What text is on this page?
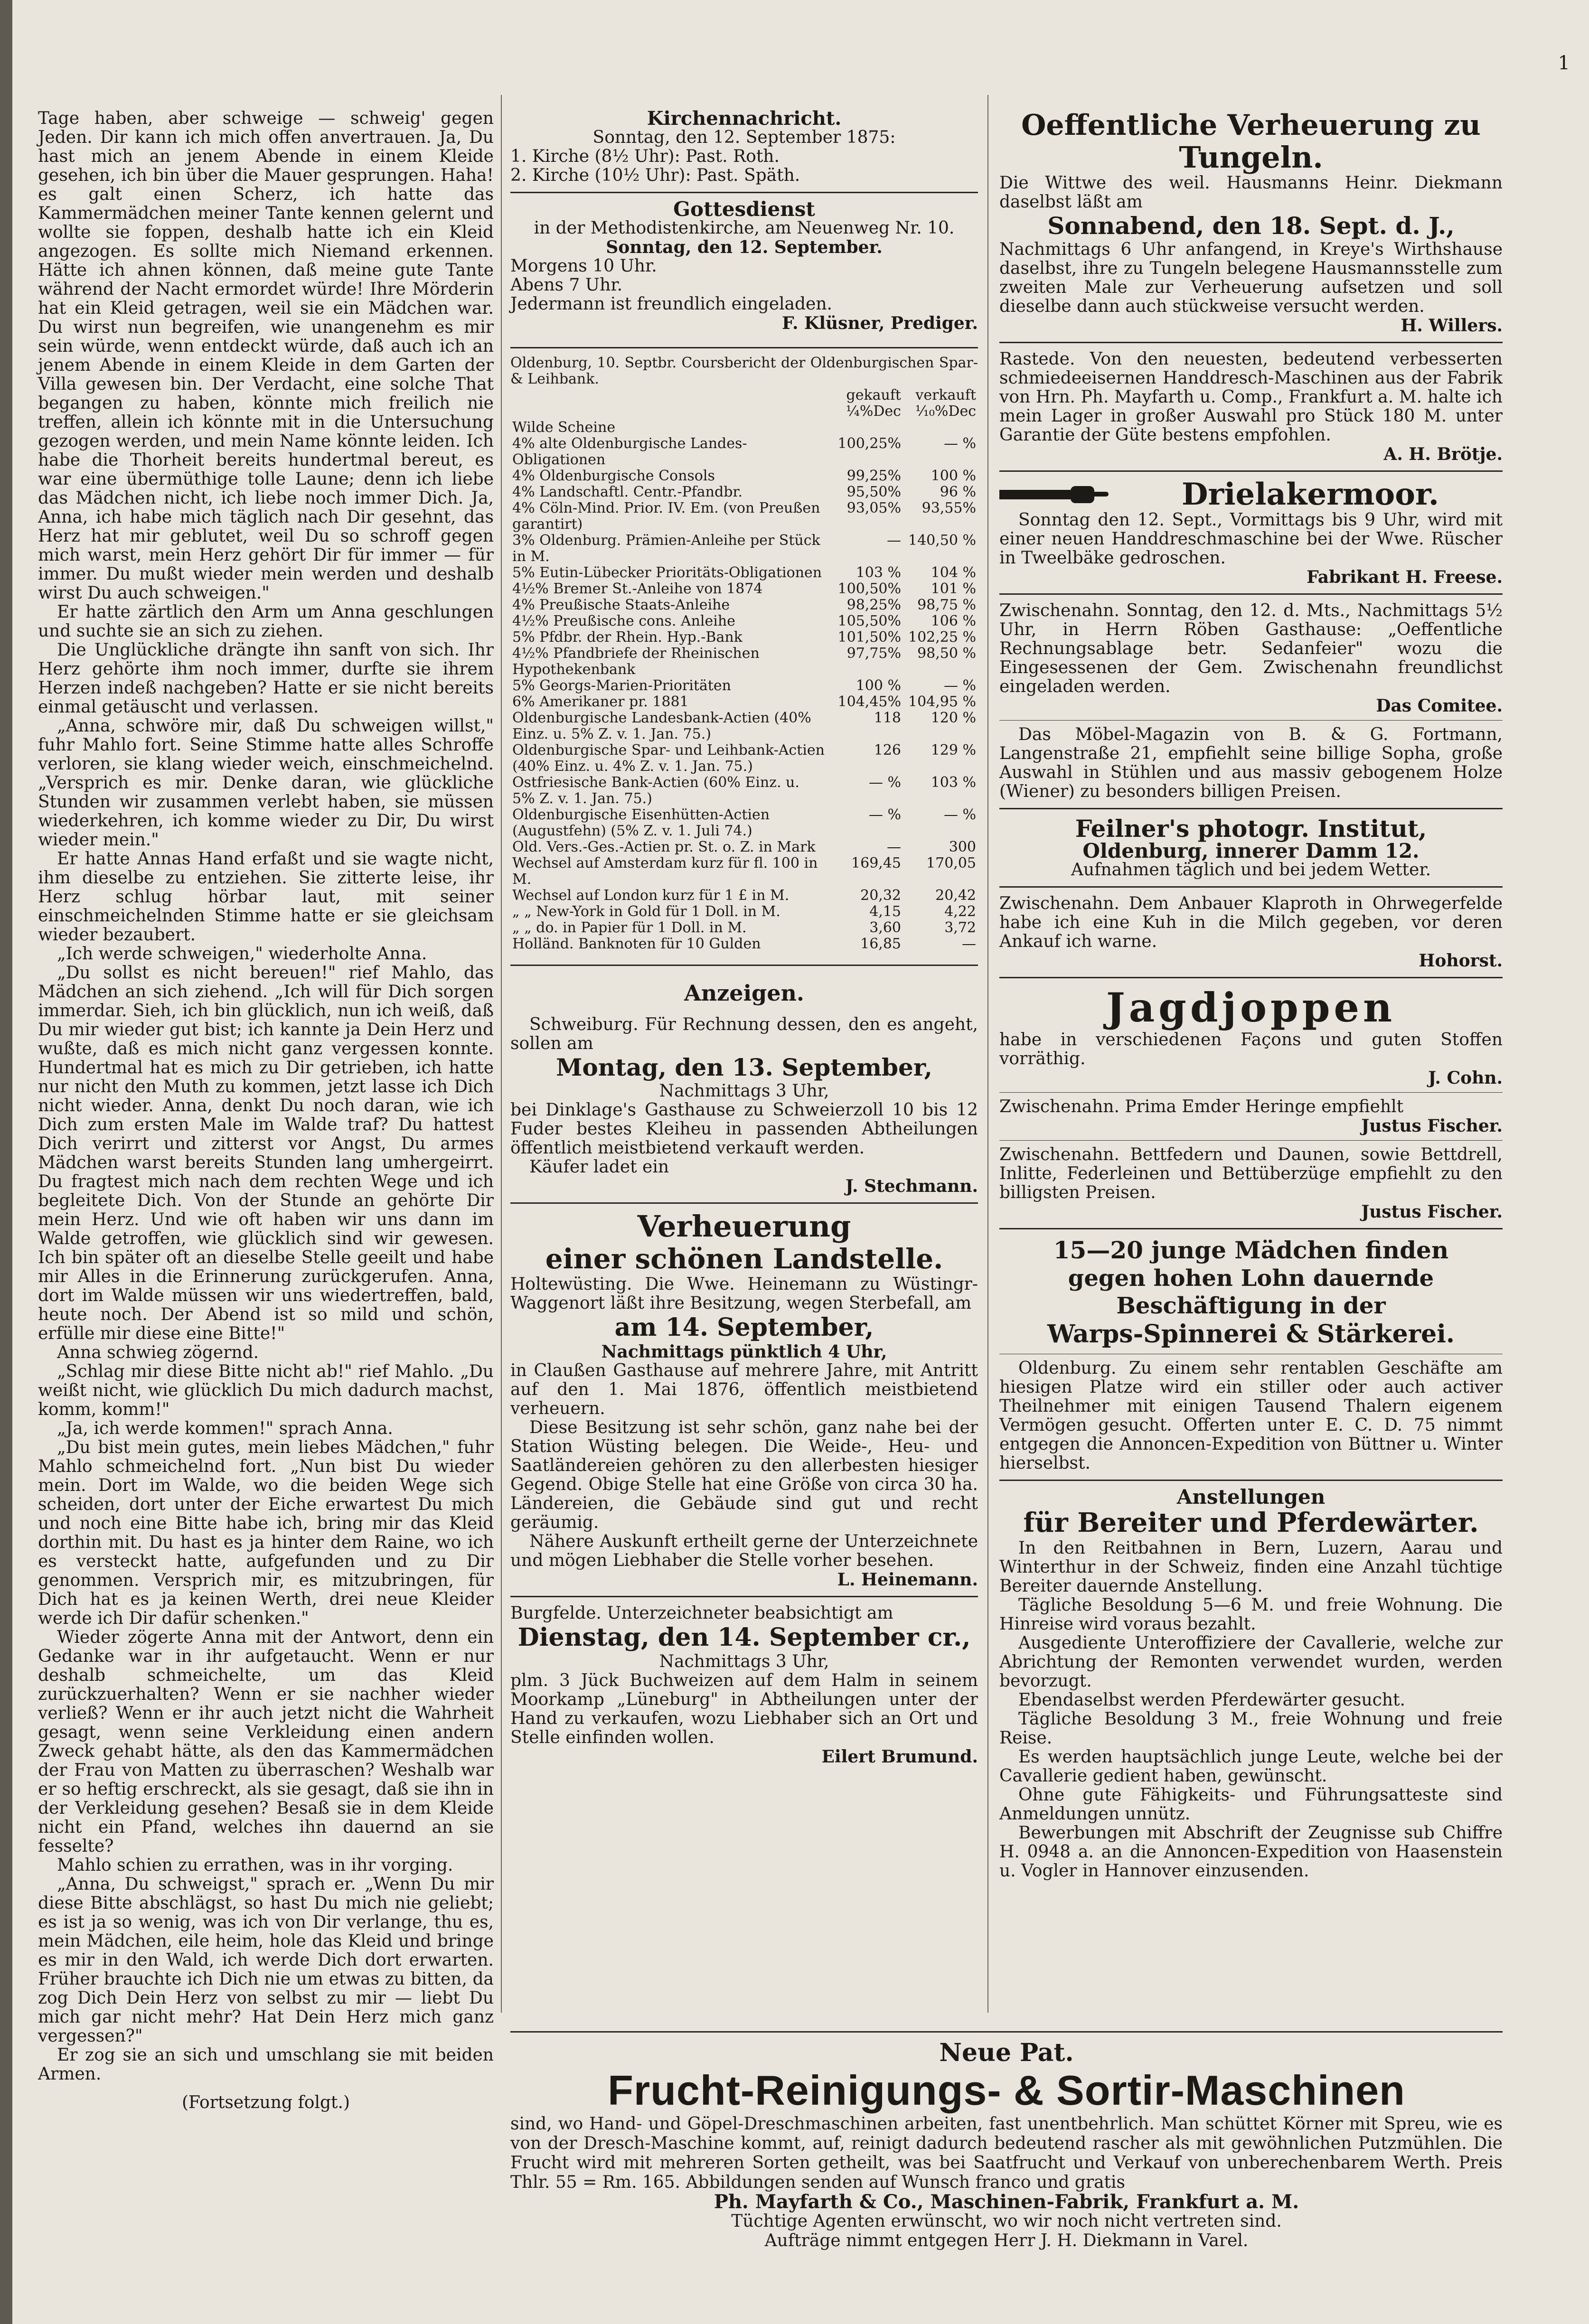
1

Tage haben, aber schweige — schweig' gegen Jeden. Dir kann ich mich offen anvertrauen. Ja, Du hast mich an jenem Abende in einem Kleide gesehen, ich bin über die Mauer gesprungen. Haha! es galt einen Scherz, ich hatte das Kammermädchen meiner Tante kennen gelernt und wollte sie foppen, deshalb hatte ich ein Kleid angezogen. Es sollte mich Niemand erkennen. Hätte ich ahnen können, daß meine gute Tante während der Nacht ermordet würde! Ihre Mörderin hat ein Kleid getragen, weil sie ein Mädchen war. Du wirst nun begreifen, wie unangenehm es mir sein würde, wenn entdeckt würde, daß auch ich an jenem Abende in einem Kleide in dem Garten der Villa gewesen bin. Der Verdacht, eine solche That begangen zu haben, könnte mich freilich nie treffen, allein ich könnte mit in die Untersuchung gezogen werden, und mein Name könnte leiden. Ich habe die Thorheit bereits hundertmal bereut, es war eine übermüthige tolle Laune; denn ich liebe das Mädchen nicht, ich liebe noch immer Dich. Ja, Anna, ich habe mich täglich nach Dir gesehnt, das Herz hat mir geblutet, weil Du so schroff gegen mich warst, mein Herz gehört Dir für immer — für immer. Du mußt wieder mein werden und deshalb wirst Du auch schweigen."

Er hatte zärtlich den Arm um Anna geschlungen und suchte sie an sich zu ziehen.

Die Unglückliche drängte ihn sanft von sich. Ihr Herz gehörte ihm noch immer, durfte sie ihrem Herzen indeß nachgeben? Hatte er sie nicht bereits einmal getäuscht und verlassen.

„Anna, schwöre mir, daß Du schweigen willst," fuhr Mahlo fort. Seine Stimme hatte alles Schroffe verloren, sie klang wieder weich, einschmeichelnd. „Versprich es mir. Denke daran, wie glückliche Stunden wir zusammen verlebt haben, sie müssen wiederkehren, ich komme wieder zu Dir, Du wirst wieder mein."

Er hatte Annas Hand erfaßt und sie wagte nicht, ihm dieselbe zu entziehen. Sie zitterte leise, ihr Herz schlug hörbar laut, mit seiner einschmeichelnden Stimme hatte er sie gleichsam wieder bezaubert.

„Ich werde schweigen," wiederholte Anna.

„Du sollst es nicht bereuen!" rief Mahlo, das Mädchen an sich ziehend. „Ich will für Dich sorgen immerdar. Sieh, ich bin glücklich, nun ich weiß, daß Du mir wieder gut bist; ich kannte ja Dein Herz und wußte, daß es mich nicht ganz vergessen konnte. Hundertmal hat es mich zu Dir getrieben, ich hatte nur nicht den Muth zu kommen, jetzt lasse ich Dich nicht wieder. Anna, denkt Du noch daran, wie ich Dich zum ersten Male im Walde traf? Du hattest Dich verirrt und zitterst vor Angst, Du armes Mädchen warst bereits Stunden lang umhergeirrt. Du fragtest mich nach dem rechten Wege und ich begleitete Dich. Von der Stunde an gehörte Dir mein Herz. Und wie oft haben wir uns dann im Walde getroffen, wie glücklich sind wir gewesen. Ich bin später oft an dieselbe Stelle geeilt und habe mir Alles in die Erinnerung zurückgerufen. Anna, dort im Walde müssen wir uns wiedertreffen, bald, heute noch. Der Abend ist so mild und schön, erfülle mir diese eine Bitte!"

Anna schwieg zögernd.

„Schlag mir diese Bitte nicht ab!" rief Mahlo. „Du weißt nicht, wie glücklich Du mich dadurch machst, komm, komm!"

„Ja, ich werde kommen!" sprach Anna.

„Du bist mein gutes, mein liebes Mädchen," fuhr Mahlo schmeichelnd fort. „Nun bist Du wieder mein. Dort im Walde, wo die beiden Wege sich scheiden, dort unter der Eiche erwartest Du mich und noch eine Bitte habe ich, bring mir das Kleid dorthin mit. Du hast es ja hinter dem Raine, wo ich es versteckt hatte, aufgefunden und zu Dir genommen. Versprich mir, es mitzubringen, für Dich hat es ja keinen Werth, drei neue Kleider werde ich Dir dafür schenken."

Wieder zögerte Anna mit der Antwort, denn ein Gedanke war in ihr aufgetaucht. Wenn er nur deshalb schmeichelte, um das Kleid zurückzuerhalten? Wenn er sie nachher wieder verließ? Wenn er ihr auch jetzt nicht die Wahrheit gesagt, wenn seine Verkleidung einen andern Zweck gehabt hätte, als den das Kammermädchen der Frau von Matten zu überraschen? Weshalb war er so heftig erschreckt, als sie gesagt, daß sie ihn in der Verkleidung gesehen? Besaß sie in dem Kleide nicht ein Pfand, welches ihn dauernd an sie fesselte?

Mahlo schien zu errathen, was in ihr vorging.

„Anna, Du schweigst," sprach er. „Wenn Du mir diese Bitte abschlägst, so hast Du mich nie geliebt; es ist ja so wenig, was ich von Dir verlange, thu es, mein Mädchen, eile heim, hole das Kleid und bringe es mir in den Wald, ich werde Dich dort erwarten. Früher brauchte ich Dich nie um etwas zu bitten, da zog Dich Dein Herz von selbst zu mir — liebt Du mich gar nicht mehr? Hat Dein Herz mich ganz vergessen?"

Er zog sie an sich und umschlang sie mit beiden Armen.

(Fortsetzung folgt.)

Kirchennachricht.

Sonntag, den 12. September 1875:

1. Kirche (8½ Uhr): Past. Roth.

2. Kirche (10½ Uhr): Past. Späth.

Gottesdienst

in der Methodistenkirche, am Neuenweg Nr. 10.

Sonntag, den 12. September.

Morgens 10 Uhr.

Abens 7 Uhr.

Jedermann ist freundlich eingeladen.

F. Klüsner, Prediger.

Oldenburg, 10. Septbr. Coursbericht der Oldenburgischen Spar- & Leihbank.

	gekauft	verkauft
	¼%Dec	¹⁄₁₀%Dec
Wilde Scheine		
4% alte Oldenburgische Landes-Obligationen	100,25%	— %
4% Oldenburgische Consols	99,25%	100 %
4% Landschaftl. Centr.-Pfandbr.	95,50%	96 %
4% Cöln-Mind. Prior. IV. Em. (von Preußen garantirt)	93,05%	93,55%
3% Oldenburg. Prämien-Anleihe per Stück in M.	—	140,50 %
5% Eutin-Lübecker Prioritäts-Obligationen	103 %	104 %
4½% Bremer St.-Anleihe von 1874	100,50%	101 %
4% Preußische Staats-Anleihe	98,25%	98,75 %
4½% Preußische cons. Anleihe	105,50%	106 %
5% Pfdbr. der Rhein. Hyp.-Bank	101,50%	102,25 %
4½% Pfandbriefe der Rheinischen Hypothekenbank	97,75%	98,50 %
5% Georgs-Marien-Prioritäten	100 %	— %
6% Amerikaner pr. 1881	104,45%	104,95 %
Oldenburgische Landesbank-Actien (40% Einz. u. 5% Z. v. 1. Jan. 75.)	118	120 %
Oldenburgische Spar- und Leihbank-Actien (40% Einz. u. 4% Z. v. 1. Jan. 75.)	126	129 %
Ostfriesische Bank-Actien (60% Einz. u. 5% Z. v. 1. Jan. 75.)	— %	103 %
Oldenburgische Eisenhütten-Actien (Augustfehn) (5% Z. v. 1. Juli 74.)	— %	— %
Old. Vers.-Ges.-Actien pr. St. o. Z. in Mark	—	300
Wechsel auf Amsterdam kurz für fl. 100 in M.	169,45	170,05
Wechsel auf London kurz für 1 £ in M.	20,32	20,42
„ „ New-York in Gold für 1 Doll. in M.	4,15	4,22
„ „ do. in Papier für 1 Doll. in M.	3,60	3,72
Holländ. Banknoten für 10 Gulden	16,85	—

Anzeigen.

Schweiburg. Für Rechnung dessen, den es angeht, sollen am

Montag, den 13. September,

Nachmittags 3 Uhr,

bei Dinklage's Gasthause zu Schweierzoll 10 bis 12 Fuder bestes Kleiheu in passenden Abtheilungen öffentlich meistbietend verkauft werden.

Käufer ladet ein

J. Stechmann.

Verheuerung

einer schönen Landstelle.

Holtewüsting. Die Wwe. Heinemann zu Wüstingr-Waggenort läßt ihre Besitzung, wegen Sterbefall, am

am 14. September,

Nachmittags pünktlich 4 Uhr,

in Claußen Gasthause auf mehrere Jahre, mit Antritt auf den 1. Mai 1876, öffentlich meistbietend verheuern.

Diese Besitzung ist sehr schön, ganz nahe bei der Station Wüsting belegen. Die Weide-, Heu- und Saatländereien gehören zu den allerbesten hiesiger Gegend. Obige Stelle hat eine Größe von circa 30 ha. Ländereien, die Gebäude sind gut und recht geräumig.

Nähere Auskunft ertheilt gerne der Unterzeichnete und mögen Liebhaber die Stelle vorher besehen.

L. Heinemann.

Burgfelde. Unterzeichneter beabsichtigt am

Dienstag, den 14. September cr.,

Nachmittags 3 Uhr,

plm. 3 Jück Buchweizen auf dem Halm in seinem Moorkamp „Lüneburg" in Abtheilungen unter der Hand zu verkaufen, wozu Liebhaber sich an Ort und Stelle einfinden wollen.

Eilert Brumund.

Oeffentliche Verheuerung zu

Tungeln.

Die Wittwe des weil. Hausmanns Heinr. Diekmann daselbst läßt am

Sonnabend, den 18. Sept. d. J.,

Nachmittags 6 Uhr anfangend, in Kreye's Wirthshause daselbst, ihre zu Tungeln belegene Hausmannsstelle zum zweiten Male zur Verheuerung aufsetzen und soll dieselbe dann auch stückweise versucht werden.

H. Willers.

Rastede. Von den neuesten, bedeutend verbesserten schmiedeeisernen Handdresch-Maschinen aus der Fabrik von Hrn. Ph. Mayfarth u. Comp., Frankfurt a. M. halte ich mein Lager in großer Auswahl pro Stück 180 M. unter Garantie der Güte bestens empfohlen.

A. H. Brötje.

Drielakermoor.

Sonntag den 12. Sept., Vormittags bis 9 Uhr, wird mit einer neuen Handdreschmaschine bei der Wwe. Rüscher in Tweelbäke gedroschen.

Fabrikant H. Freese.

Zwischenahn. Sonntag, den 12. d. Mts., Nachmittags 5½ Uhr, in Herrn Röben Gasthause: „Oeffentliche Rechnungsablage betr. Sedanfeier" wozu die Eingesessenen der Gem. Zwischenahn freundlichst eingeladen werden.

Das Comitee.

Das Möbel-Magazin von B. & G. Fortmann, Langenstraße 21, empfiehlt seine billige Sopha, große Auswahl in Stühlen und aus massiv gebogenem Holze (Wiener) zu besonders billigen Preisen.

Feilner's photogr. Institut,

Oldenburg, innerer Damm 12.

Aufnahmen täglich und bei jedem Wetter.

Zwischenahn. Dem Anbauer Klaproth in Ohrwegerfelde habe ich eine Kuh in die Milch gegeben, vor deren Ankauf ich warne.

Hohorst.

Jagdjoppen

habe in verschiedenen Façons und guten Stoffen vorräthig.

J. Cohn.

Zwischenahn. Prima Emder Heringe empfiehlt

Justus Fischer.

Zwischenahn. Bettfedern und Daunen, sowie Bettdrell, Inlitte, Federleinen und Bettüberzüge empfiehlt zu den billigsten Preisen.

Justus Fischer.

15—20 junge Mädchen finden

gegen hohen Lohn dauernde Beschäftigung in der

Warps-Spinnerei & Stärkerei.

Oldenburg. Zu einem sehr rentablen Geschäfte am hiesigen Platze wird ein stiller oder auch activer Theilnehmer mit einigen Tausend Thalern eigenem Vermögen gesucht. Offerten unter E. C. D. 75 nimmt entgegen die Annoncen-Expedition von Büttner u. Winter hierselbst.

Anstellungen

für Bereiter und Pferdewärter.

In den Reitbahnen in Bern, Luzern, Aarau und Winterthur in der Schweiz, finden eine Anzahl tüchtige Bereiter dauernde Anstellung.

Tägliche Besoldung 5—6 M. und freie Wohnung. Die Hinreise wird voraus bezahlt.

Ausgediente Unteroffiziere der Cavallerie, welche zur Abrichtung der Remonten verwendet wurden, werden bevorzugt.

Ebendaselbst werden Pferdewärter gesucht.

Tägliche Besoldung 3 M., freie Wohnung und freie Reise.

Es werden hauptsächlich junge Leute, welche bei der Cavallerie gedient haben, gewünscht.

Ohne gute Fähigkeits- und Führungsatteste sind Anmeldungen unnütz.

Bewerbungen mit Abschrift der Zeugnisse sub Chiffre H. 0948 a. an die Annoncen-Expedition von Haasenstein u. Vogler in Hannover einzusenden.

Neue Pat.

Frucht-Reinigungs- & Sortir-Maschinen

sind, wo Hand- und Göpel-Dreschmaschinen arbeiten, fast unentbehrlich. Man schüttet Körner mit Spreu, wie es von der Dresch-Maschine kommt, auf, reinigt dadurch bedeutend rascher als mit gewöhnlichen Putzmühlen. Die Frucht wird mit mehreren Sorten getheilt, was bei Saatfrucht und Verkauf von unberechenbarem Werth. Preis Thlr. 55 = Rm. 165. Abbildungen senden auf Wunsch franco und gratis

Ph. Mayfarth & Co., Maschinen-Fabrik, Frankfurt a. M.

Tüchtige Agenten erwünscht, wo wir noch nicht vertreten sind.

Aufträge nimmt entgegen Herr J. H. Diekmann in Varel.
